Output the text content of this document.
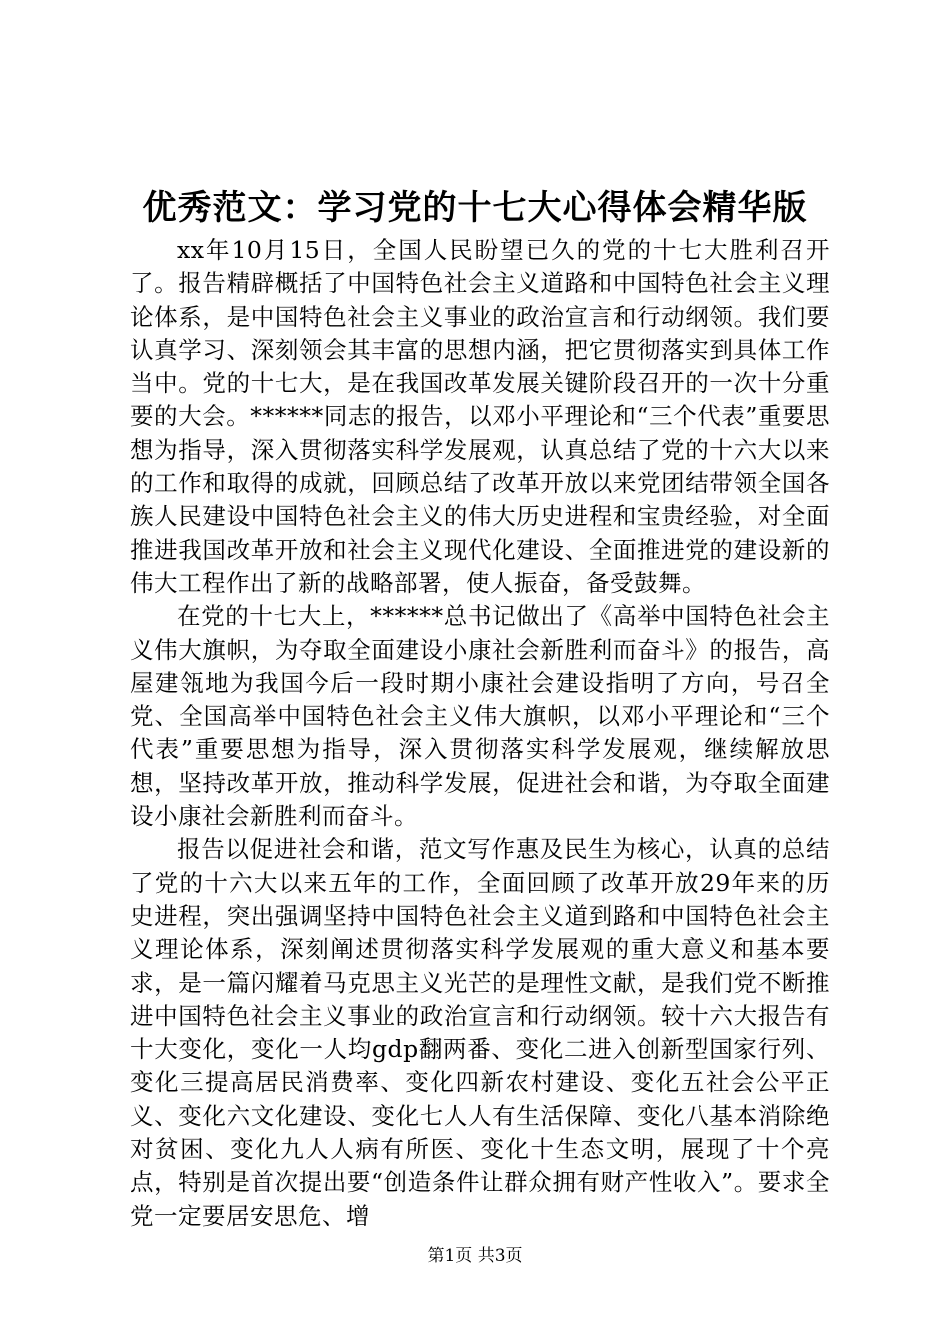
优秀范文：学习党的十七大心得体会精华版

xx年10月15日，全国人民盼望已久的党的十七大胜利召开了。报告精辟概括了中国特色社会主义道路和中国特色社会主义理论体系，是中国特色社会主义事业的政治宣言和行动纲领。我们要认真学习、深刻领会其丰富的思想内涵，把它贯彻落实到具体工作当中。党的十七大，是在我国改革发展关键阶段召开的一次十分重要的大会。******同志的报告，以邓小平理论和“三个代表”重要思想为指导，深入贯彻落实科学发展观，认真总结了党的十六大以来的工作和取得的成就，回顾总结了改革开放以来党团结带领全国各族人民建设中国特色社会主义的伟大历史进程和宝贵经验，对全面推进我国改革开放和社会主义现代化建设、全面推进党的建设新的伟大工程作出了新的战略部署，使人振奋，备受鼓舞。

在党的十七大上，******总书记做出了《高举中国特色社会主义伟大旗帜，为夺取全面建设小康社会新胜利而奋斗》的报告，高屋建瓴地为我国今后一段时期小康社会建设指明了方向，号召全党、全国高举中国特色社会主义伟大旗帜，以邓小平理论和“三个代表”重要思想为指导，深入贯彻落实科学发展观，继续解放思想，坚持改革开放，推动科学发展，促进社会和谐，为夺取全面建设小康社会新胜利而奋斗。

报告以促进社会和谐，范文写作惠及民生为核心，认真的总结了党的十六大以来五年的工作，全面回顾了改革开放29年来的历史进程，突出强调坚持中国特色社会主义道到路和中国特色社会主义理论体系，深刻阐述贯彻落实科学发展观的重大意义和基本要求，是一篇闪耀着马克思主义光芒的是理性文献，是我们党不断推进中国特色社会主义事业的政治宣言和行动纲领。较十六大报告有十大变化，变化一人均gdp翻两番、变化二进入创新型国家行列、变化三提高居民消费率、变化四新农村建设、变化五社会公平正义、变化六文化建设、变化七人人有生活保障、变化八基本消除绝对贫困、变化九人人病有所医、变化十生态文明，展现了十个亮点，特别是首次提出要“创造条件让群众拥有财产性收入”。要求全党一定要居安思危、增

第1页 共3页
